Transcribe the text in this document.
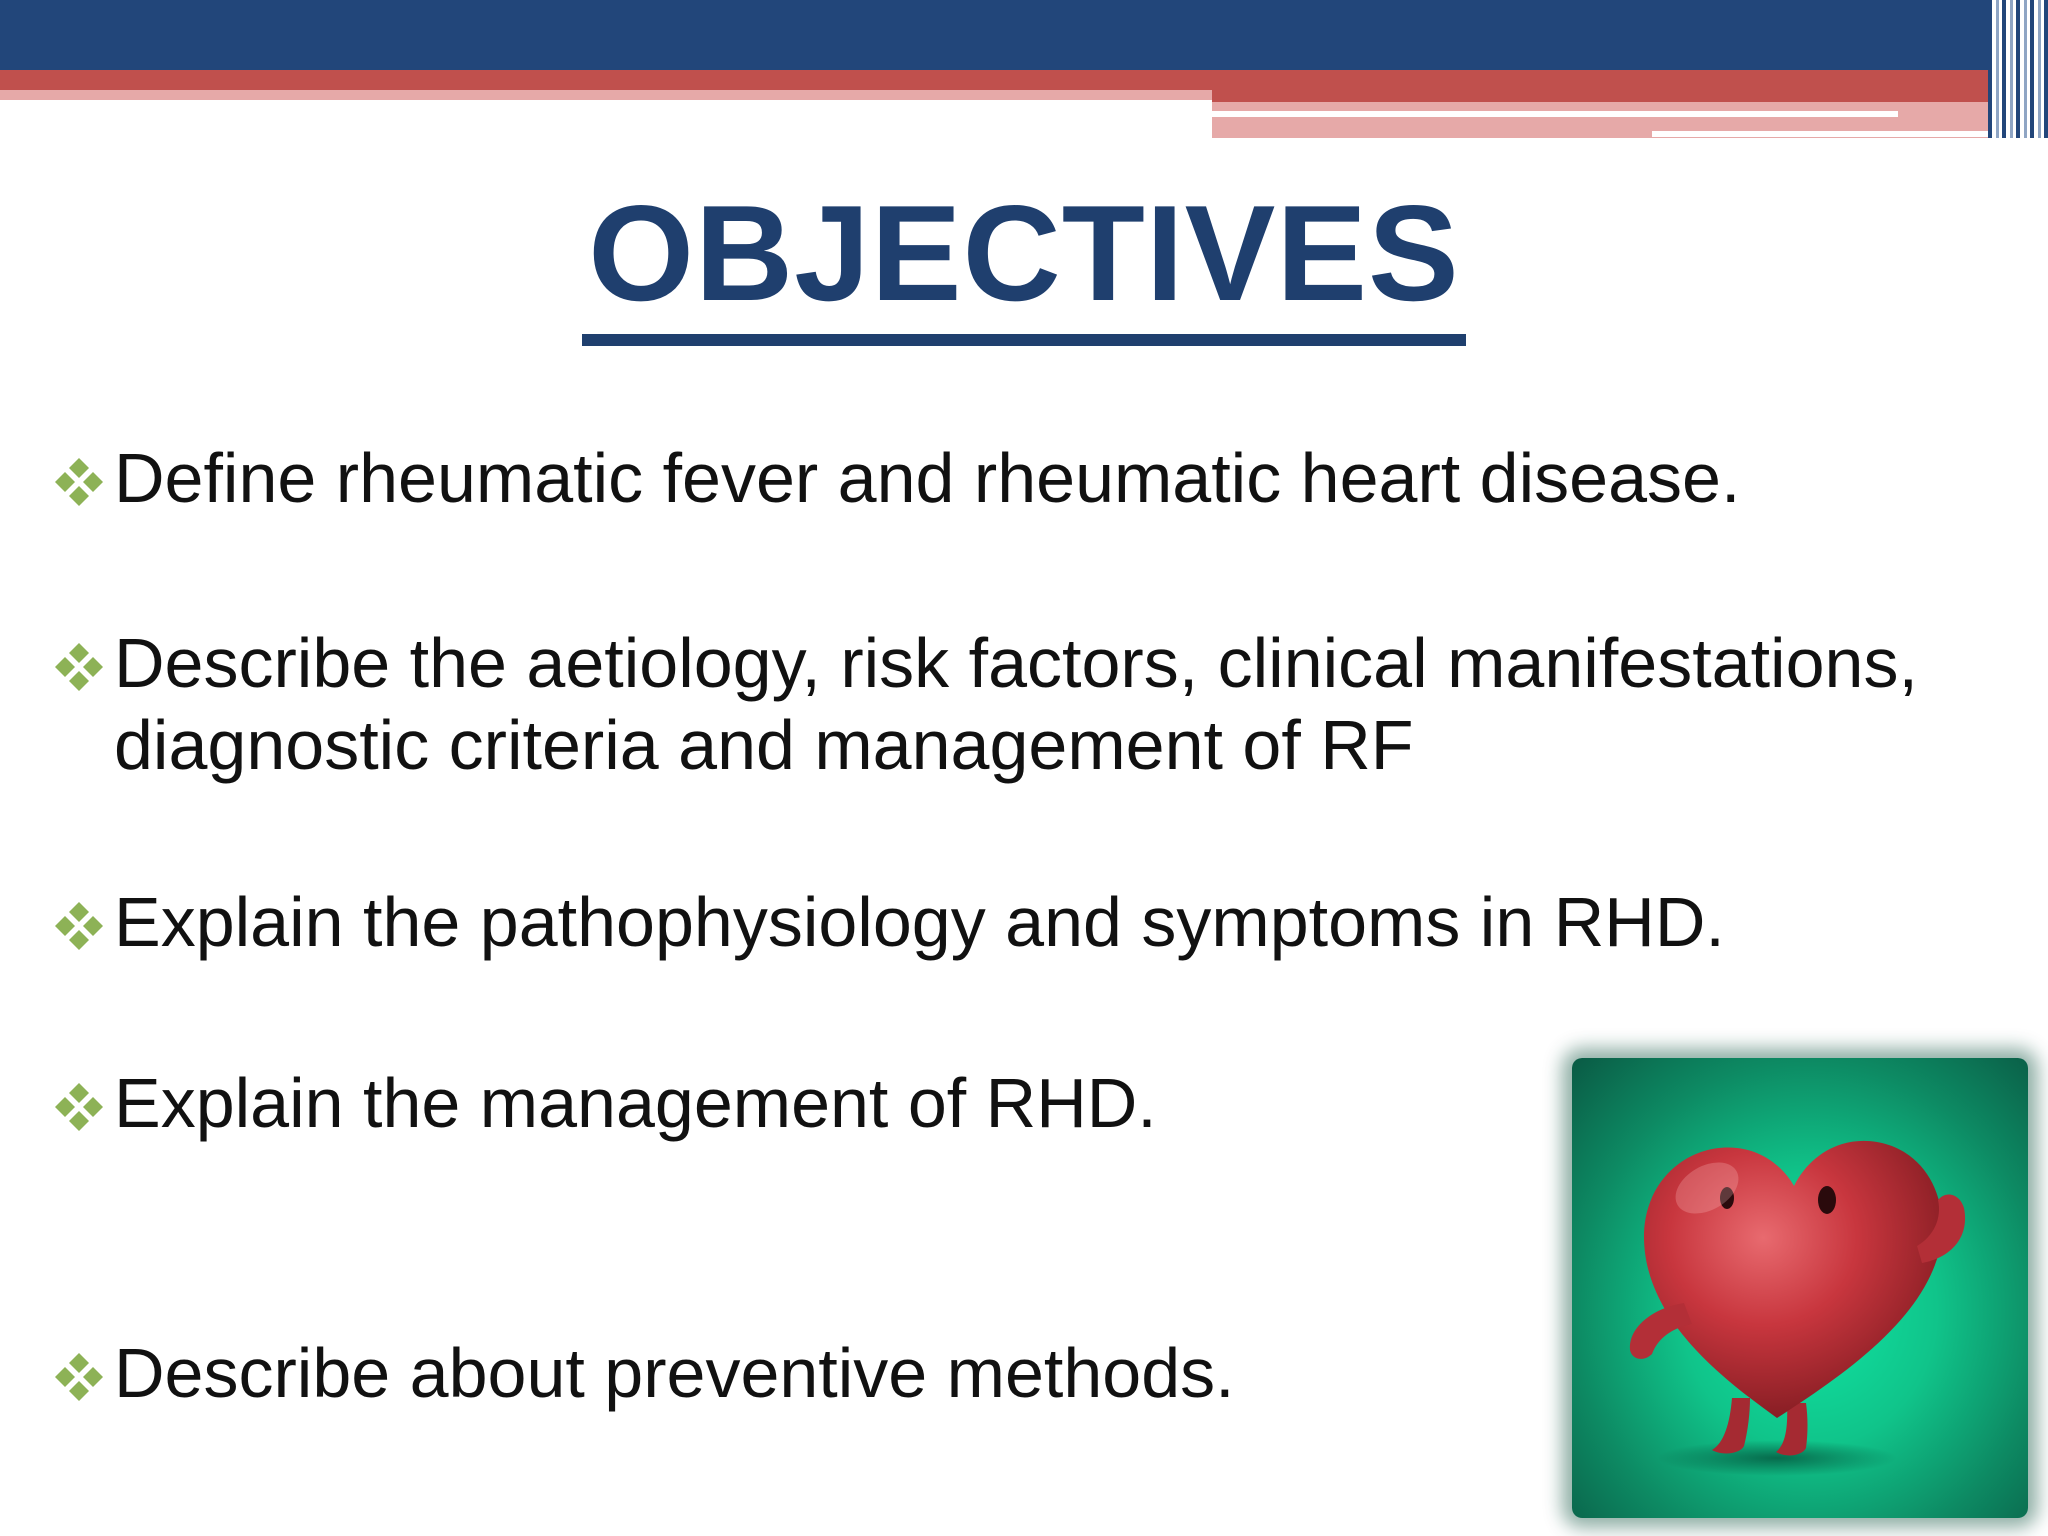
OBJECTIVES
Define rheumatic fever and rheumatic heart disease.
Describe the aetiology, risk factors, clinical manifestations,
diagnostic criteria and management of RF
Explain the pathophysiology and symptoms in RHD.
Explain the management of RHD.
Describe about preventive methods.
